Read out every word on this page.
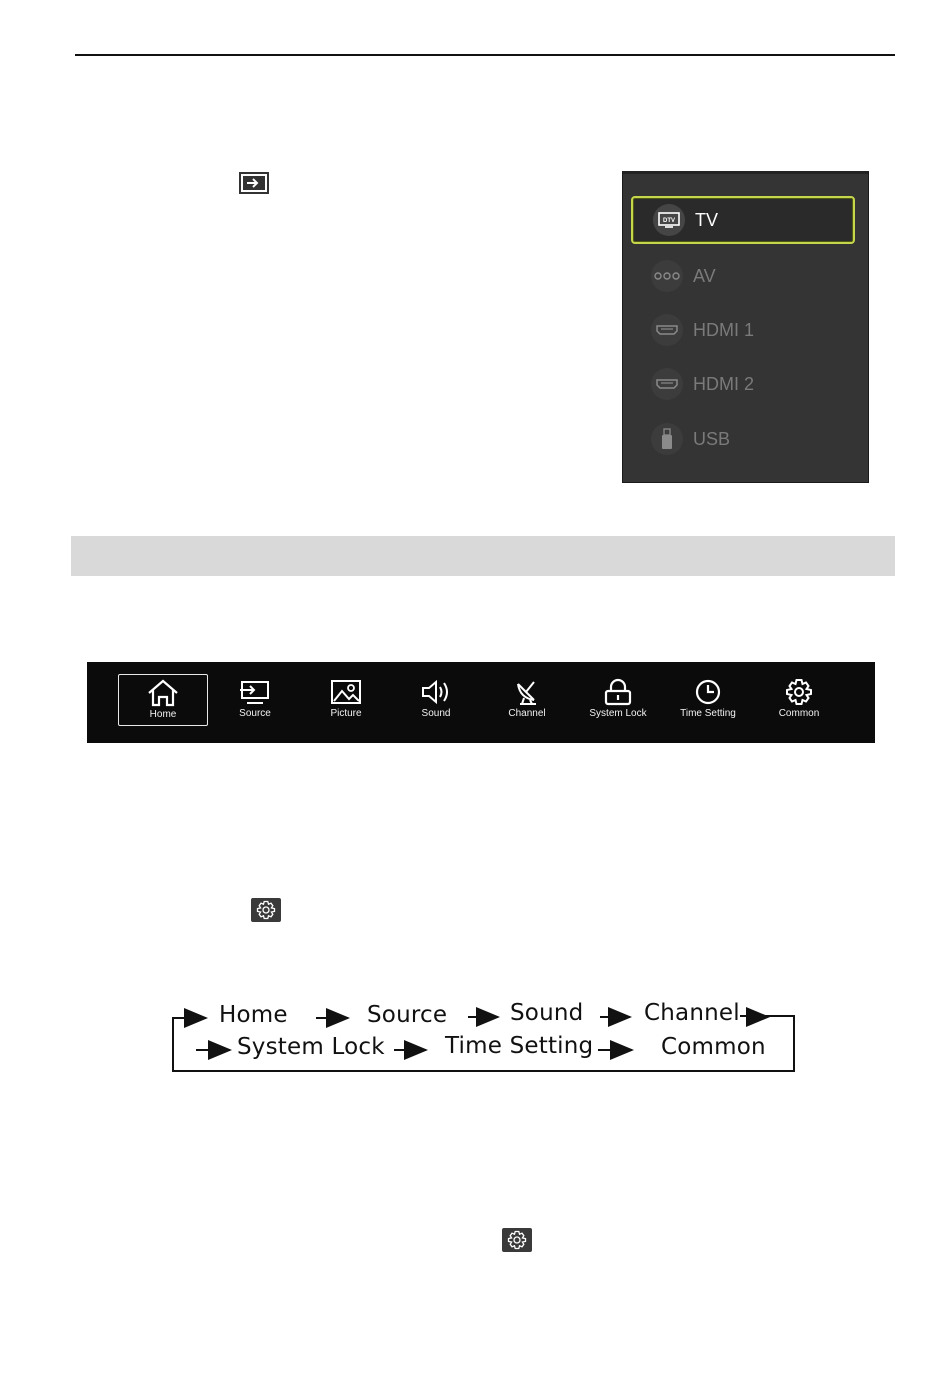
DTV TV
AV
HDMI 1
HDMI 2
USB
Home	Source	Picture	Sound	Channel	System Lock	Time Setting	Common
Home	Source	Sound	Channel
System Lock	Time Setting	Common
